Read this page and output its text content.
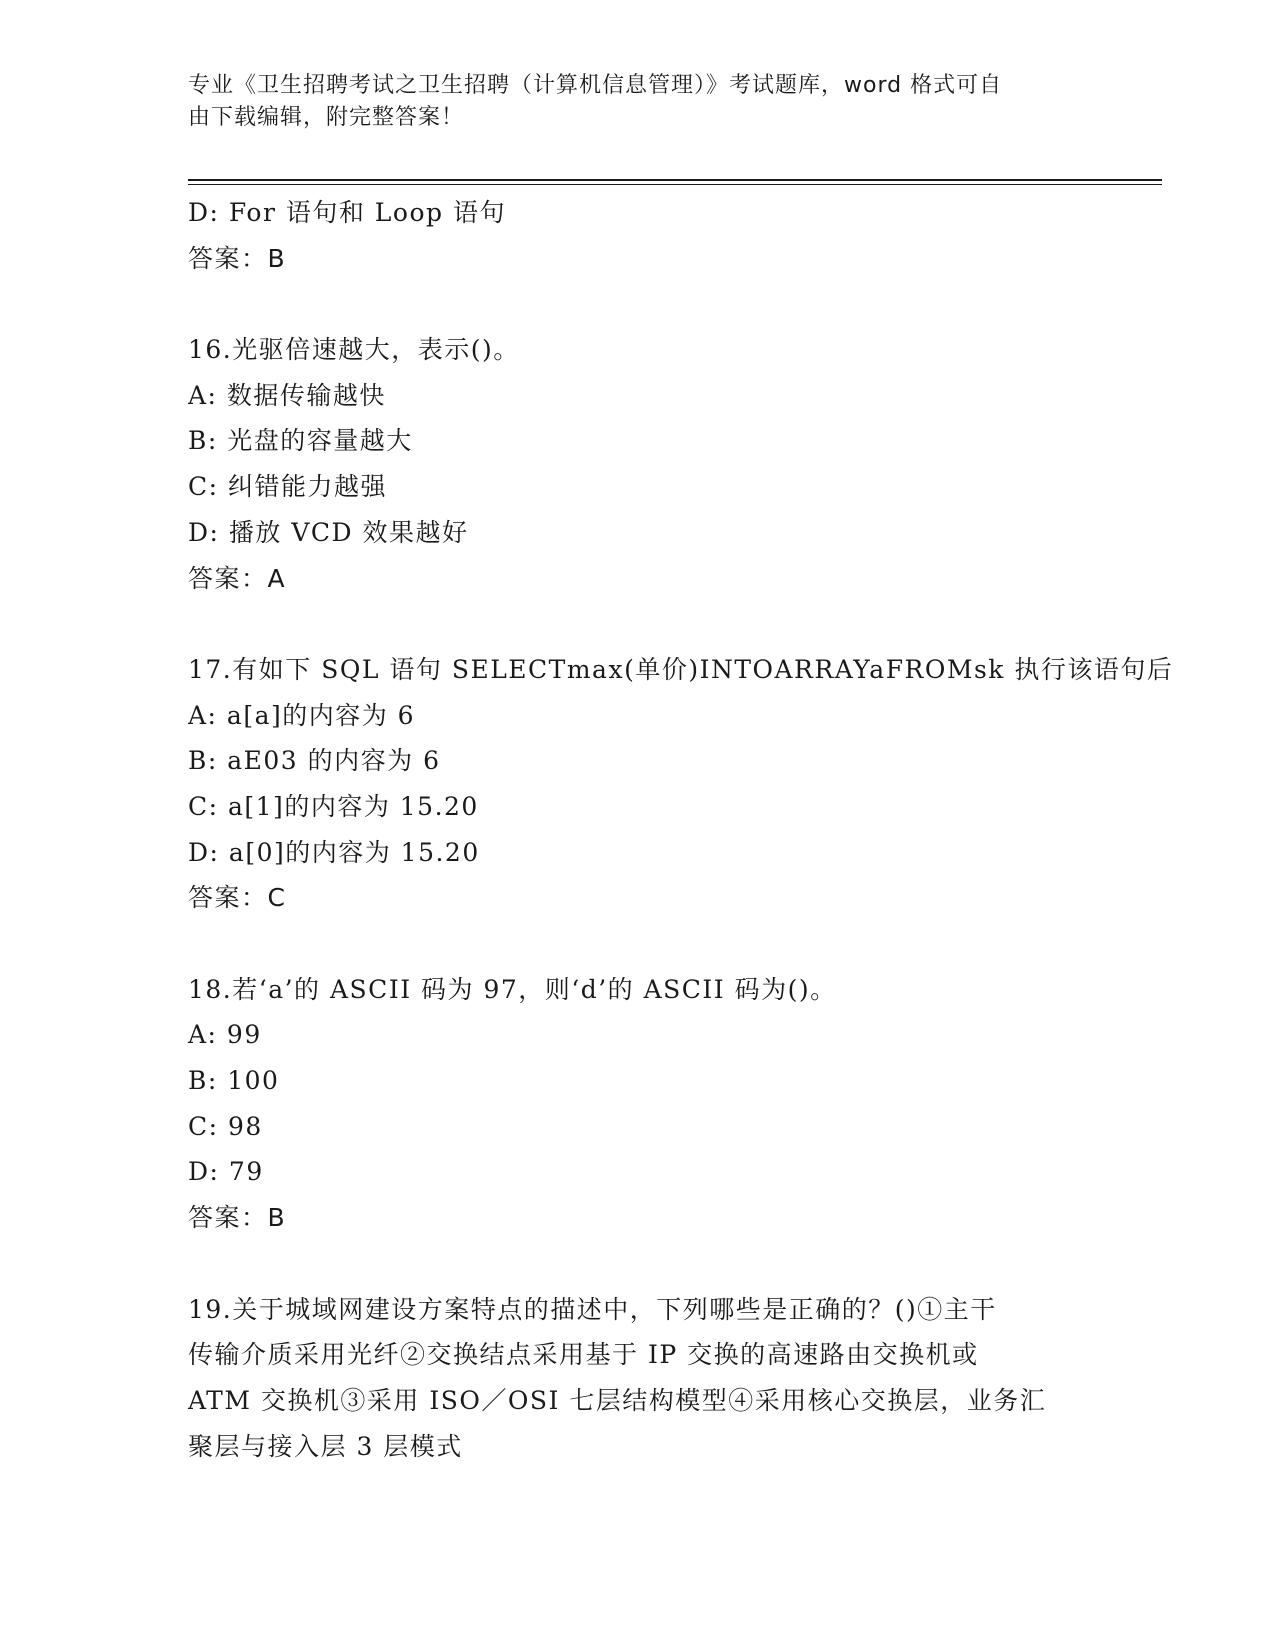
专业《卫生招聘考试之卫生招聘（计算机信息管理）》考试题库，word 格式可自
由下载编辑，附完整答案！
D: For 语句和 Loop 语句
答案：B
16.光驱倍速越大，表示()。
A: 数据传输越快
B: 光盘的容量越大
C: 纠错能力越强
D: 播放 VCD 效果越好
答案：A
17.有如下 SQL 语句 SELECTmax(单价)INTOARRAYaFROMsk 执行该语句后
A: a[a]的内容为 6
B: aE03 的内容为 6
C: a[1]的内容为 15.20
D: a[0]的内容为 15.20
答案：C
18.若‘a’的 ASCII 码为 97，则‘d’的 ASCII 码为()。
A: 99
B: 100
C: 98
D: 79
答案：B
19.关于城域网建设方案特点的描述中，下列哪些是正确的？()①主干
传输介质采用光纤②交换结点采用基于 IP 交换的高速路由交换机或
ATM 交换机③采用 ISO／OSI 七层结构模型④采用核心交换层，业务汇
聚层与接入层 3 层模式
